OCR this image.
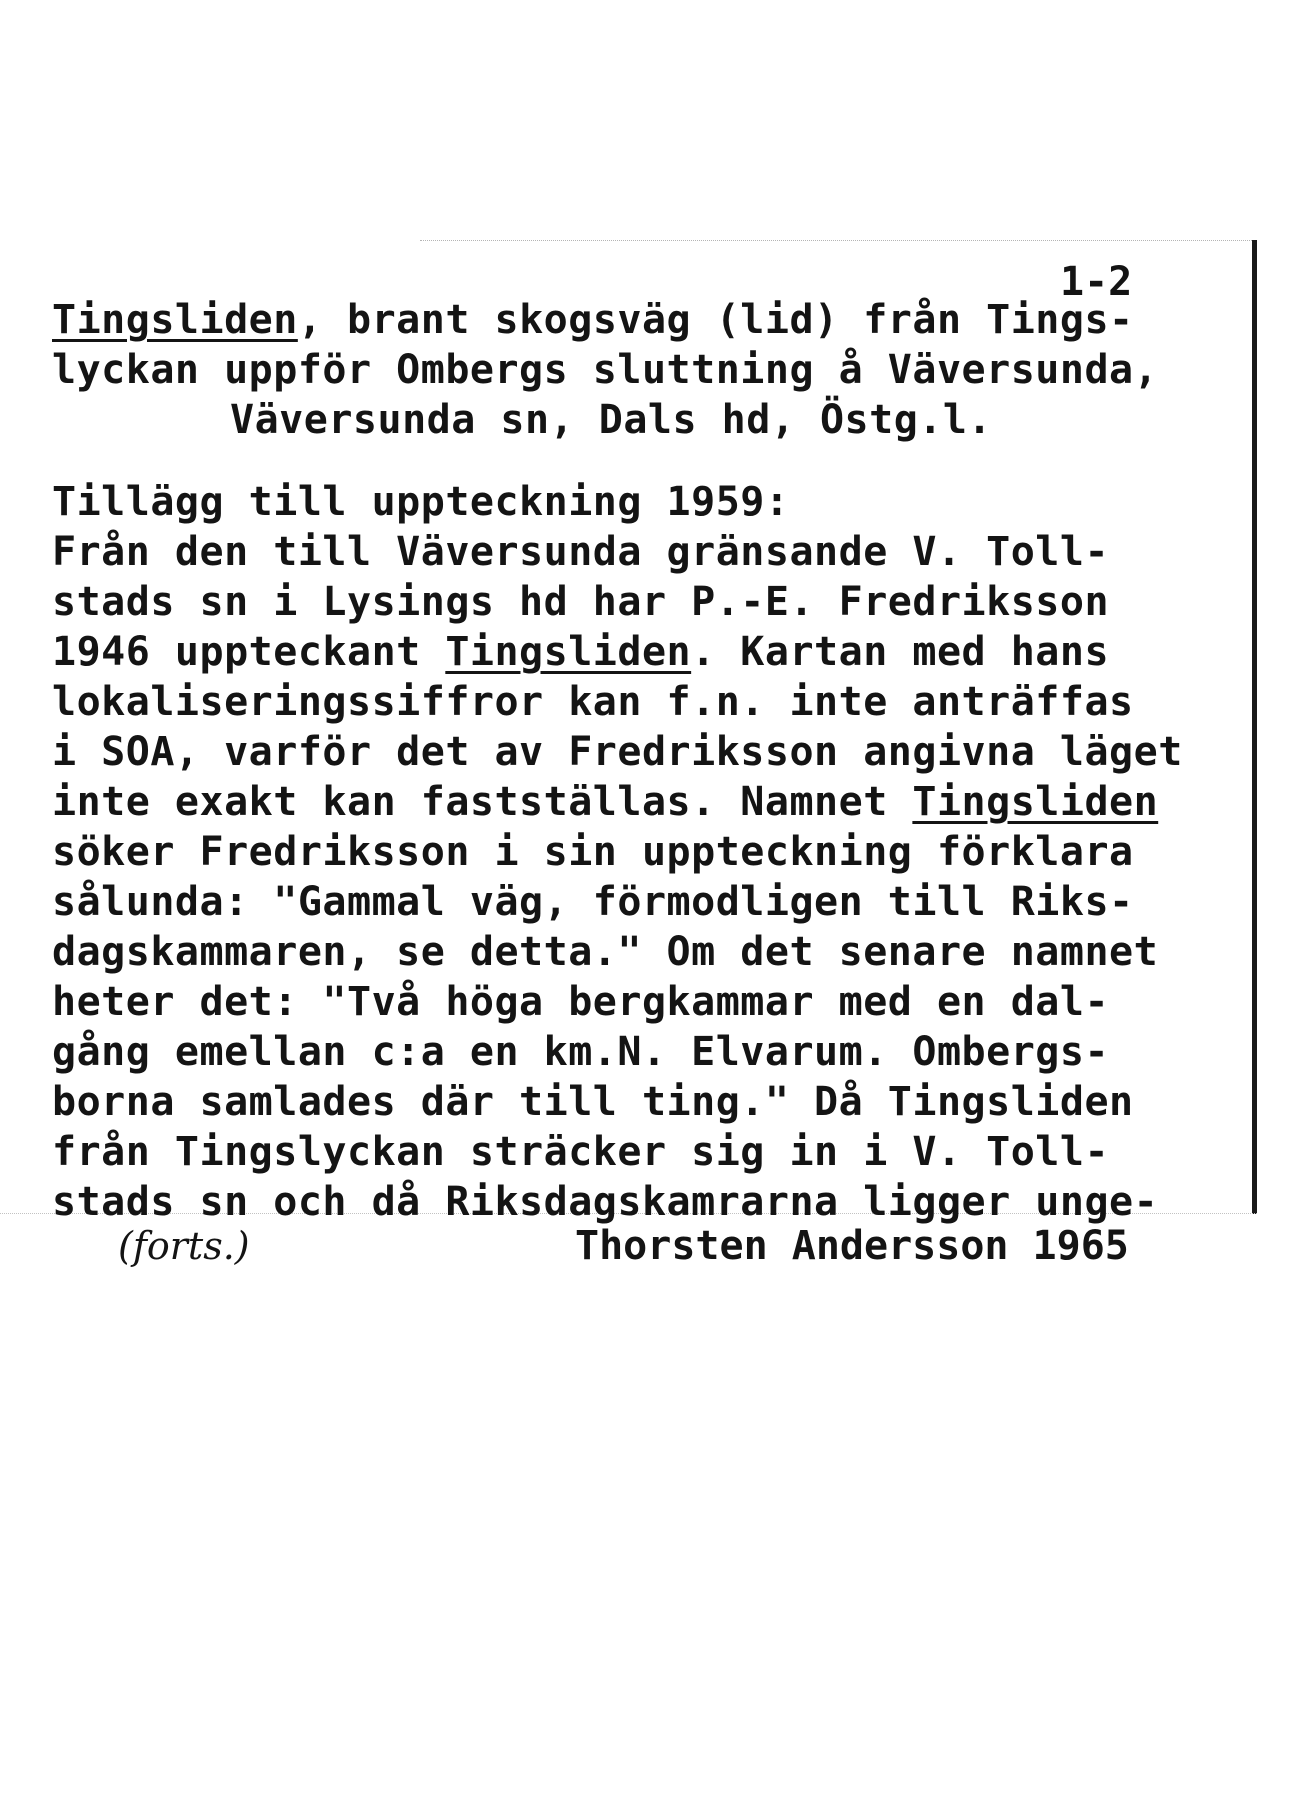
1-2
Tingsliden, brant skogsväg (lid) från Tings-
lyckan uppför Ombergs sluttning å Väversunda,
Väversunda sn, Dals hd, Östg.l.
Tillägg till uppteckning 1959:
Från den till Väversunda gränsande V. Toll-
stads sn i Lysings hd har P.-E. Fredriksson
1946 uppteckant Tingsliden. Kartan med hans
lokaliseringssiffror kan f.n. inte anträffas
i SOA, varför det av Fredriksson angivna läget
inte exakt kan fastställas. Namnet Tingsliden
söker Fredriksson i sin uppteckning förklara
sålunda: "Gammal väg, förmodligen till Riks-
dagskammaren, se detta." Om det senare namnet
heter det: "Två höga bergkammar med en dal-
gång emellan c:a en km.N. Elvarum. Ombergs-
borna samlades där till ting." Då Tingsliden
från Tingslyckan sträcker sig in i V. Toll-
stads sn och då Riksdagskamrarna ligger unge-
(forts.)	Thorsten Andersson 1965
